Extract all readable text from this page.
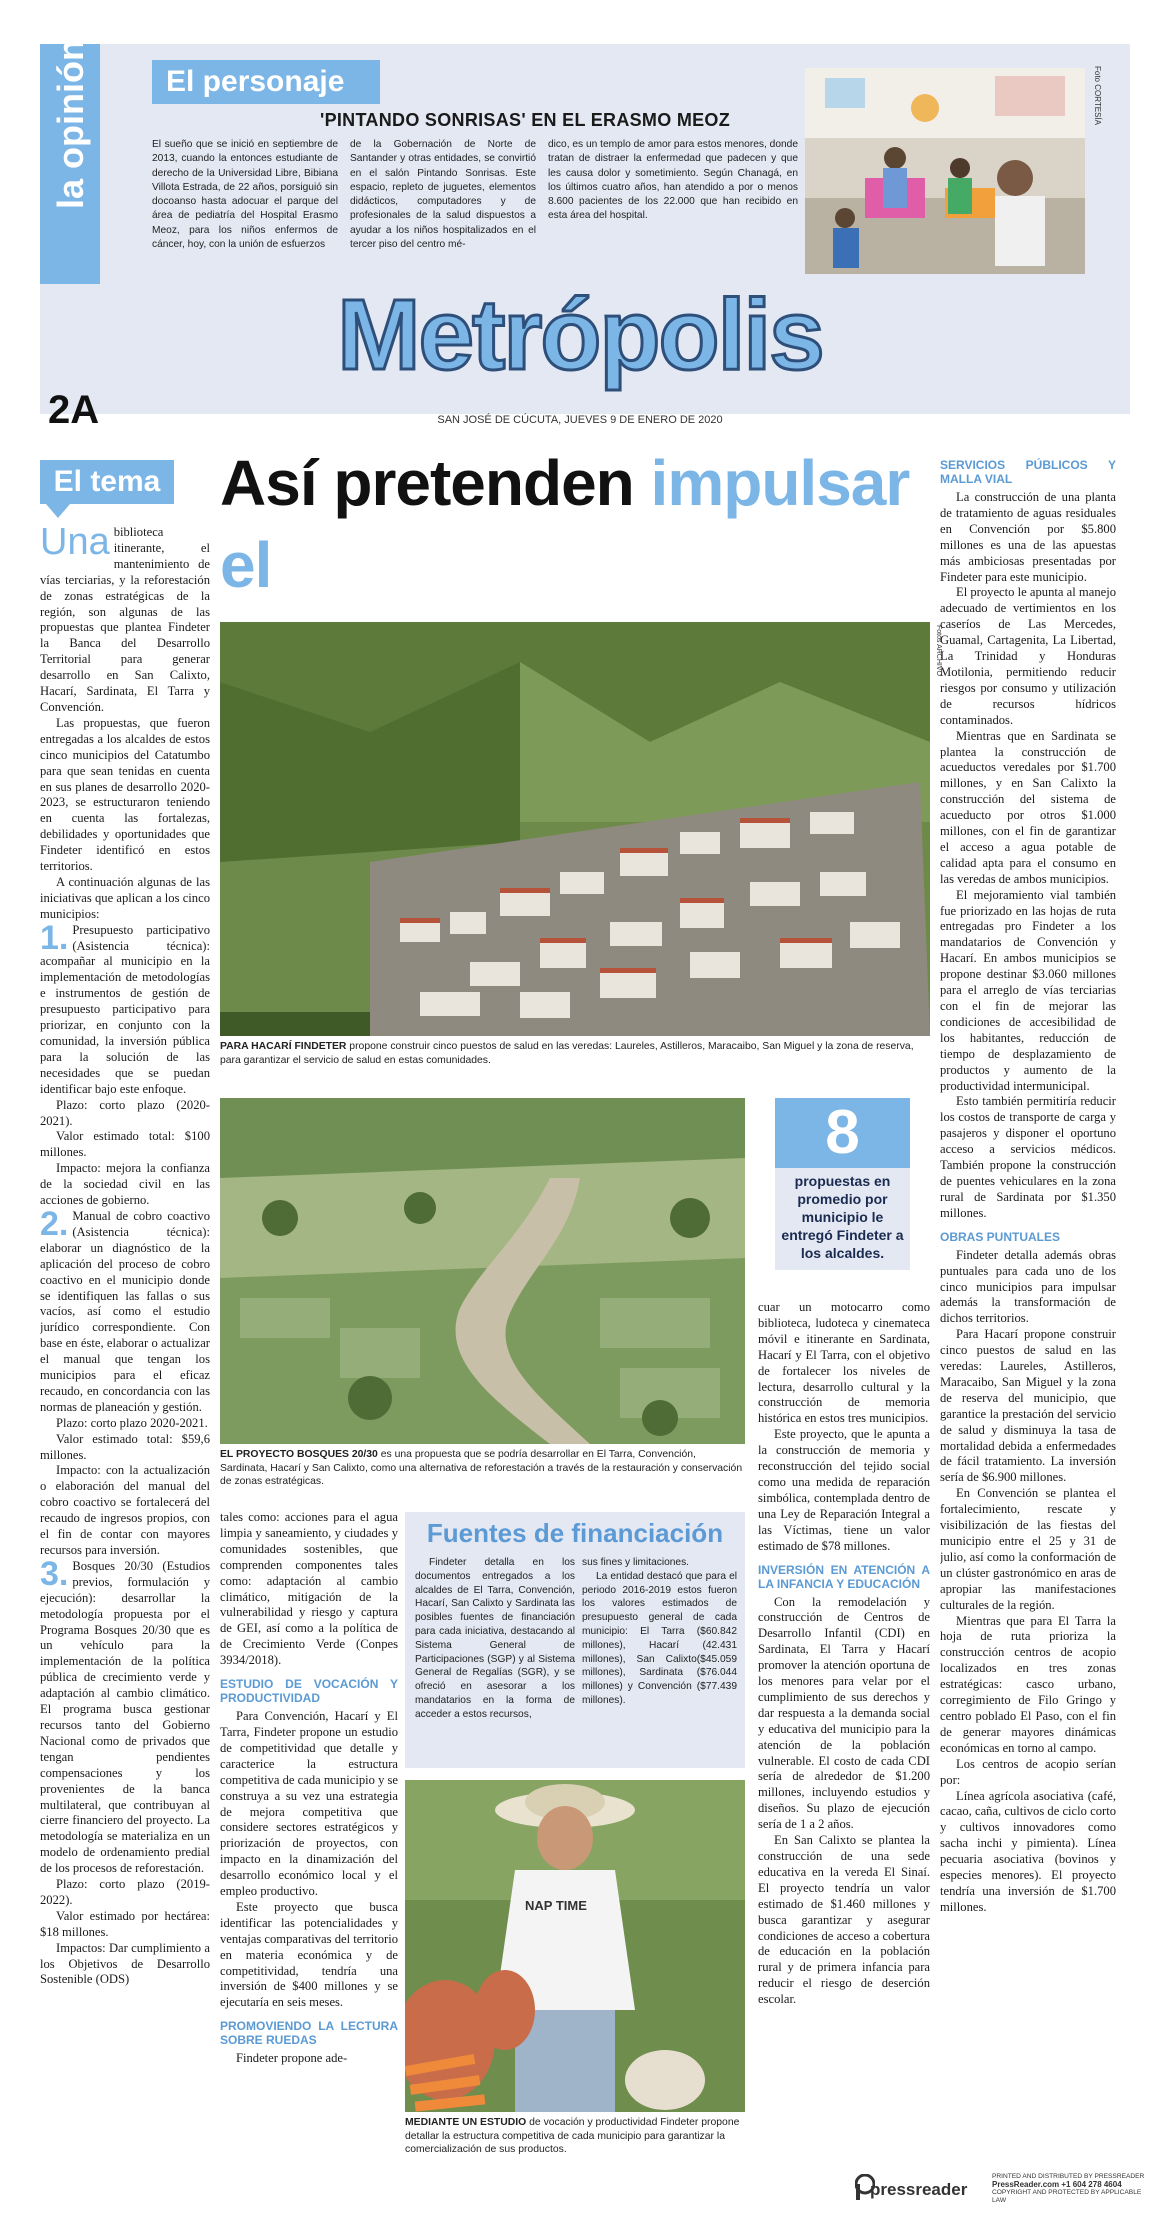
El personaje
'PINTANDO SONRISAS' EN EL ERASMO MEOZ
El sueño que se inició en septiembre de 2013, cuando la entonces estudiante de derecho de la Universidad Libre, Bibiana Villota Estrada, de 22 años, porsiguió sin docoanso hasta adocuar el parque del área de pediatría del Hospital Erasmo Meoz, para los niños enfermos de cáncer, hoy, con la unión de esfuerzos
de la Gobernación de Norte de Santander y otras entidades, se convirtió en el salón Pintando Sonrisas. Este espacio, repleto de juguetes, elementos didácticos, computadores y de profesionales de la salud dispuestos a ayudar a los niños hospitalizados en el tercer piso del centro mé-
dico, es un templo de amor para estos menores, donde tratan de distraer la enfermedad que padecen y que les causa dolor y sometimiento. Según Chanagá, en los últimos cuatro años, han atendido a por o menos 8.600 pacientes de los 22.000 que han recibido en esta área del hospital.
Foto CORTESÍA
Metrópolis
2A	SAN JOSÉ DE CÚCUTA, JUEVES 9 DE ENERO DE 2020
El tema Así pretenden impulsar el

Una biblioteca itinerante, el mantenimiento de vías terciarias, y la reforestación de zonas estratégicas de la región, son algunas de las propuestas que plantea Findeter la Banca del Desarrollo Territorial para generar desarrollo en San Calixto, Hacarí, Sardinata, El Tarra y Convención.

Las propuestas, que fueron entregadas a los alcaldes de estos cinco municipios del Catatumbo para que sean tenidas en cuenta en sus planes de desarrollo 2020-2023, se estructuraron teniendo en cuenta las fortalezas, debilidades y oportunidades que Findeter identificó en estos territorios.

A continuación algunas de las iniciativas que aplican a los cinco municipios:

1. Presupuesto participativo (Asistencia técnica): acompañar al municipio en la implementación de metodologías e instrumentos de gestión de presupuesto participativo para priorizar, en conjunto con la comunidad, la inversión pública para la solución de las necesidades que se puedan identificar bajo este enfoque.

Plazo: corto plazo (2020-2021).

Valor estimado total: $100 millones.

Impacto: mejora la confianza de la sociedad civil en las acciones de gobierno.

2. Manual de cobro coactivo (Asistencia técnica): elaborar un diagnóstico de la aplicación del proceso de cobro coactivo en el municipio donde se identifiquen las fallas o sus vacíos, así como el estudio jurídico correspondiente. Con base en éste, elaborar o actualizar el manual que tengan los municipios para el eficaz recaudo, en concordancia con las normas de planeación y gestión.

Plazo: corto plazo 2020-2021.

Valor estimado total: $59,6 millones.

Impacto: con la actualización o elaboración del manual del cobro coactivo se fortalecerá del recaudo de ingresos propios, con el fin de contar con mayores recursos para inversión.

3. Bosques 20/30 (Estudios previos, formulación y ejecución): desarrollar la metodología propuesta por el Programa Bosques 20/30 que es un vehículo para la implementación de la política pública de crecimiento verde y adaptación al cambio climático. El programa busca gestionar recursos tanto del Gobierno Nacional como de privados que tengan pendientes compensaciones y los provenientes de la banca multilateral, que contribuyan al cierre financiero del proyecto. La metodología se materializa en un modelo de ordenamiento predial de los procesos de reforestación.

Plazo: corto plazo (2019-2022).

Valor estimado por hectárea: $18 millones.

Impactos: Dar cumplimiento a los Objetivos de Desarrollo Sostenible (ODS)

Fotos ARCHIVO
PARA HACARÍ FINDETER propone construir cinco puestos de salud en las veredas: Laureles, Astilleros, Maracaibo, San Miguel y la zona de reserva, para garantizar el servicio de salud en estas comunidades.
EL PROYECTO BOSQUES 20/30 es una propuesta que se podría desarrollar en El Tarra, Convención, Sardinata, Hacarí y San Calixto, como una alternativa de reforestación a través de la restauración y conservación de zonas estratégicas.
8
propuestas en promedio por municipio le entregó Findeter a los alcaldes.

cuar un motocarro como biblioteca, ludoteca y cinemateca móvil e itinerante en Sardinata, Hacarí y El Tarra, con el objetivo de fortalecer los niveles de lectura, desarrollo cultural y la construcción de memoria histórica en estos tres municipios.

Este proyecto, que le apunta a la construcción de memoria y reconstrucción del tejido social como una medida de reparación simbólica, contemplada dentro de una Ley de Reparación Integral a las Víctimas, tiene un valor estimado de $78 millones.

INVERSIÓN EN ATENCIÓN A LA INFANCIA Y EDUCACIÓN

Con la remodelación y construcción de Centros de Desarrollo Infantil (CDI) en Sardinata, El Tarra y Hacarí promover la atención oportuna de los menores para velar por el cumplimiento de sus derechos y dar respuesta a la demanda social y educativa del municipio para la atención de la población vulnerable. El costo de cada CDI sería de alrededor de $1.200 millones, incluyendo estudios y diseños. Su plazo de ejecución sería de 1 a 2 años.

En San Calixto se plantea la construcción de una sede educativa en la vereda El Sinaí. El proyecto tendría un valor estimado de $1.460 millones y busca garantizar y asegurar condiciones de acceso a cobertura de educación en la población rural y de primera infancia para reducir el riesgo de deserción escolar.

tales como: acciones para el agua limpia y saneamiento, y ciudades y comunidades sostenibles, que comprenden componentes tales como: adaptación al cambio climático, mitigación de la vulnerabilidad y riesgo y captura de GEI, así como a la política de de Crecimiento Verde (Conpes 3934/2018).

ESTUDIO DE VOCACIÓN Y PRODUCTIVIDAD

Para Convención, Hacarí y El Tarra, Findeter propone un estudio de competitividad que detalle y caracterice la estructura competitiva de cada municipio y se construya a su vez una estrategia de mejora competitiva que considere sectores estratégicos y priorización de proyectos, con impacto en la dinamización del desarrollo económico local y el empleo productivo.

Este proyecto que busca identificar las potencialidades y ventajas comparativas del territorio en materia económica y de competitividad, tendría una inversión de $400 millones y se ejecutaría en seis meses.

PROMOVIENDO LA LECTURA SOBRE RUEDAS

Findeter propone ade-

Fuentes de financiación

Findeter detalla en los documentos entregados a los alcaldes de El Tarra, Convención, Hacarí, San Calixto y Sardinata las posibles fuentes de financiación para cada iniciativa, destacando al Sistema General de Participaciones (SGP) y al Sistema General de Regalías (SGR), y se ofreció en asesorar a los mandatarios en la forma de acceder a estos recursos,

sus fines y limitaciones.

La entidad destacó que para el periodo 2016-2019 estos fueron los valores estimados de presupuesto general de cada municipio: El Tarra ($60.842 millones), Hacarí (42.431 millones), San Calixto($45.059 millones), Sardinata ($76.044 millones) y Convención ($77.439 millones).

NAP TIME
MEDIANTE UN ESTUDIO de vocación y productividad Findeter propone detallar la estructura competitiva de cada municipio para garantizar la comercialización de sus productos.
SERVICIOS PÚBLICOS Y MALLA VIAL

La construcción de una planta de tratamiento de aguas residuales en Convención por $5.800 millones es una de las apuestas más ambiciosas presentadas por Findeter para este municipio.

El proyecto le apunta al manejo adecuado de vertimientos en los caseríos de Las Mercedes, Guamal, Cartagenita, La Libertad, La Trinidad y Honduras Motilonia, permitiendo reducir riesgos por consumo y utilización de recursos hídricos contaminados.

Mientras que en Sardinata se plantea la construcción de acueductos veredales por $1.700 millones, y en San Calixto la construcción del sistema de acueducto por otros $1.000 millones, con el fin de garantizar el acceso a agua potable de calidad apta para el consumo en las veredas de ambos municipios.

El mejoramiento vial también fue priorizado en las hojas de ruta entregadas pro Findeter a los mandatarios de Convención y Hacarí. En ambos municipios se propone destinar $3.060 millones para el arreglo de vías terciarias con el fin de mejorar las condiciones de accesibilidad de los habitantes, reducción de tiempo de desplazamiento de productos y aumento de la productividad intermunicipal.

Esto también permitiría reducir los costos de transporte de carga y pasajeros y disponer el oportuno acceso a servicios médicos. También propone la construcción de puentes vehiculares en la zona rural de Sardinata por $1.350 millones.

OBRAS PUNTUALES

Findeter detalla además obras puntuales para cada uno de los cinco municipios para impulsar además la transformación de dichos territorios.

Para Hacarí propone construir cinco puestos de salud en las veredas: Laureles, Astilleros, Maracaibo, San Miguel y la zona de reserva del municipio, que garantice la prestación del servicio de salud y disminuya la tasa de mortalidad debida a enfermedades de fácil tratamiento. La inversión sería de $6.900 millones.

En Convención se plantea el fortalecimiento, rescate y visibilización de las fiestas del municipio entre el 25 y 31 de julio, así como la conformación de un clúster gastronómico en aras de apropiar las manifestaciones culturales de la región.

Mientras que para El Tarra la hoja de ruta prioriza la construcción centros de acopio localizados en tres zonas estratégicas: casco urbano, corregimiento de Filo Gringo y centro poblado El Paso, con el fin de generar mayores dinámicas económicas en torno al campo.

Los centros de acopio serían por:

Línea agrícola asociativa (café, cacao, caña, cultivos de ciclo corto y cultivos innovadores como sacha inchi y pimienta). Línea pecuaria asociativa (bovinos y especies menores). El proyecto tendría una inversión de $1.700 millones.

pressreader
PRINTED AND DISTRIBUTED BY PRESSREADER
PressReader.com +1 604 278 4604
COPYRIGHT AND PROTECTED BY APPLICABLE LAW
